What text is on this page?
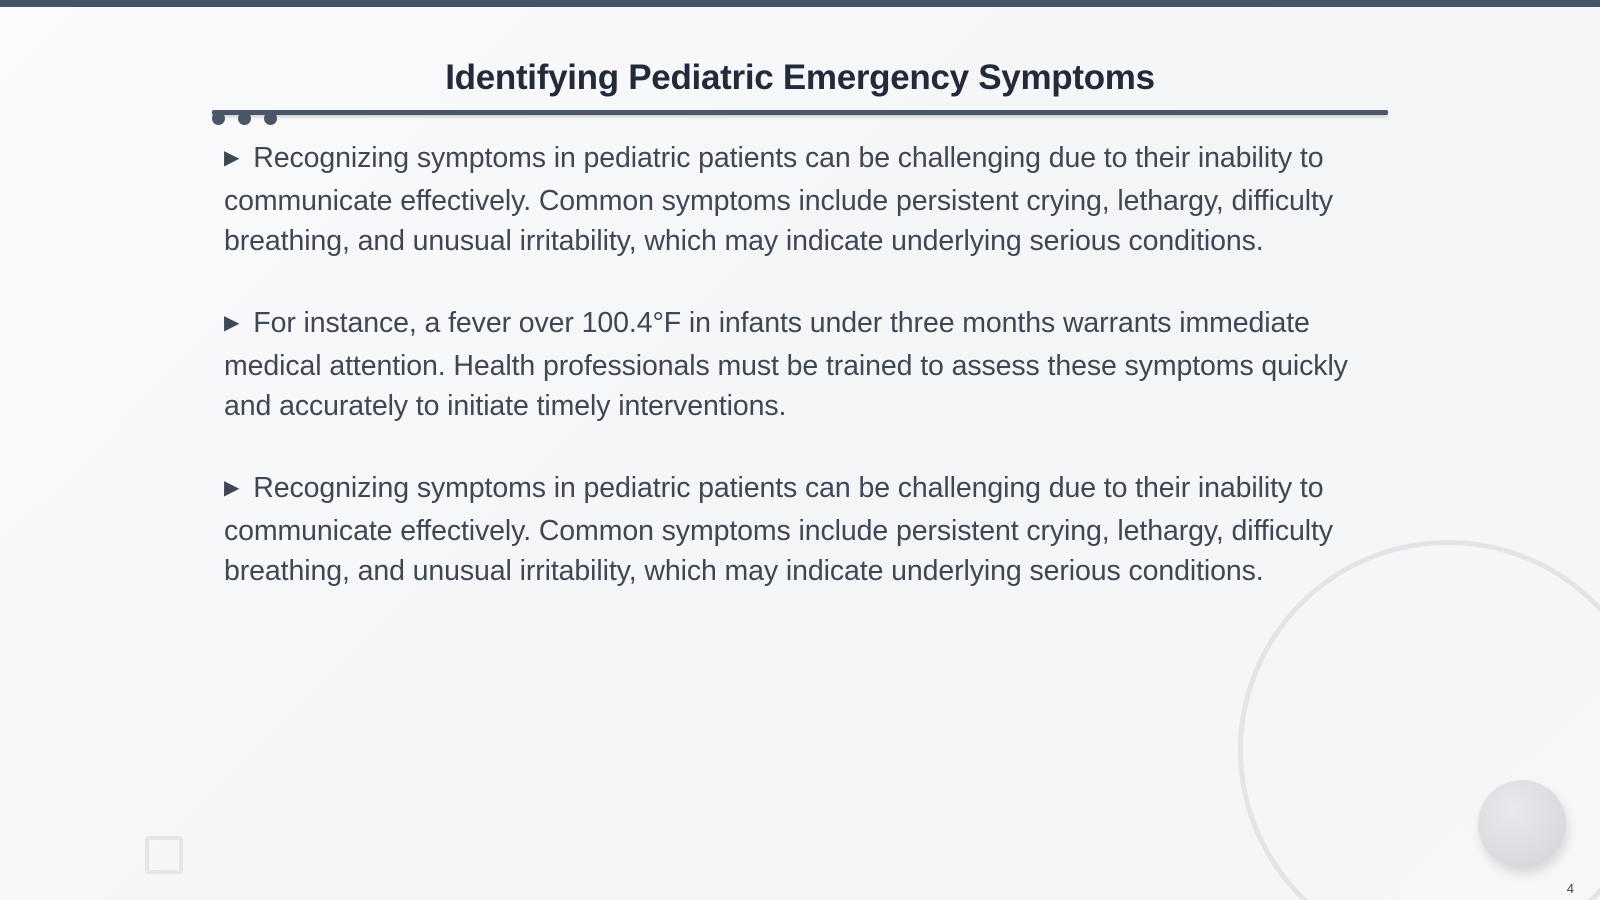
Identifying Pediatric Emergency Symptoms

▶ Recognizing symptoms in pediatric patients can be challenging due to their inability to communicate effectively. Common symptoms include persistent crying, lethargy, difficulty breathing, and unusual irritability, which may indicate underlying serious conditions.

▶ For instance, a fever over 100.4°F in infants under three months warrants immediate medical attention. Health professionals must be trained to assess these symptoms quickly and accurately to initiate timely interventions.

▶ Recognizing symptoms in pediatric patients can be challenging due to their inability to communicate effectively. Common symptoms include persistent crying, lethargy, difficulty breathing, and unusual irritability, which may indicate underlying serious conditions.

4
